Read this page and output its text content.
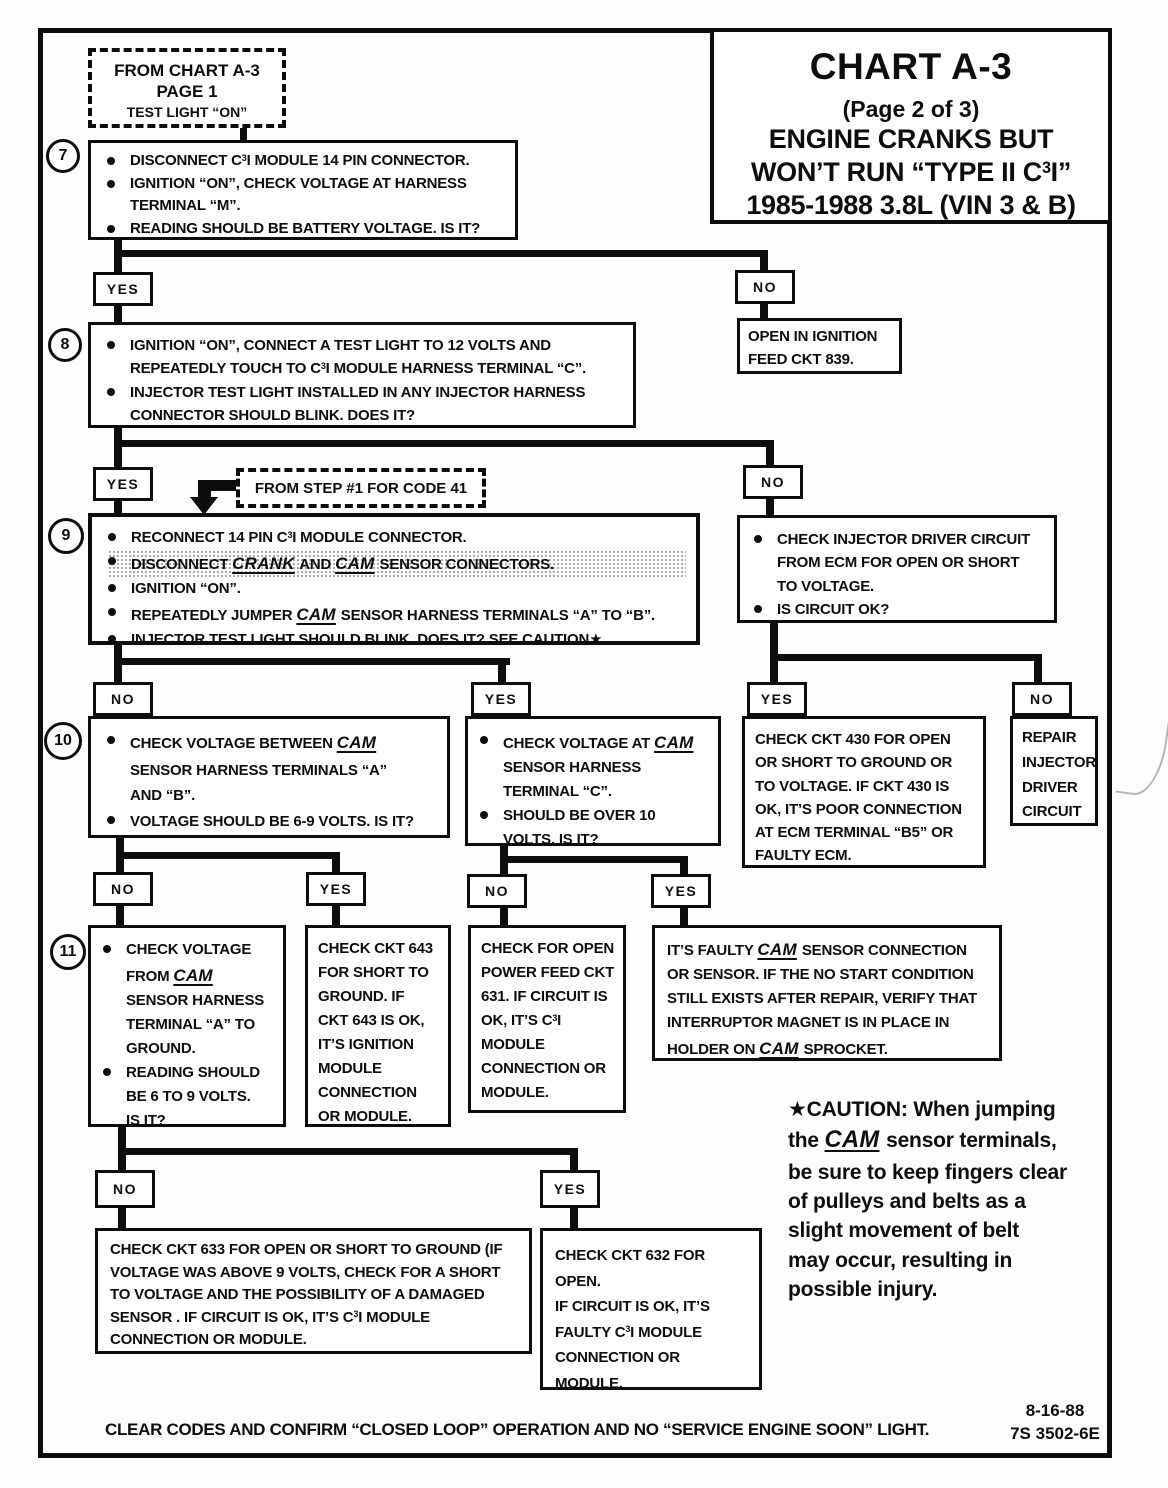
CHART A-3
(Page 2 of 3)
ENGINE CRANKS BUT
WON’T RUN “TYPE II $C^3I$”
1985-1988 3.8L (VIN 3 & B)
FROM CHART A-3
PAGE 1
TEST LIGHT “ON”
FROM STEP #1 FOR CODE 41
7
8
9
10
11
DISCONNECT $C^3I$ MODULE 14 PIN CONNECTOR.
IGNITION “ON”, CHECK VOLTAGE AT HARNESS
TERMINAL “M”.
READING SHOULD BE BATTERY VOLTAGE. IS IT?
YES	NO
IGNITION “ON”, CONNECT A TEST LIGHT TO 12 VOLTS AND
REPEATEDLY TOUCH TO $C^3I$ MODULE HARNESS TERMINAL “C”.
INJECTOR TEST LIGHT INSTALLED IN ANY INJECTOR HARNESS
CONNECTOR SHOULD BLINK. DOES IT?
OPEN IN IGNITION
FEED CKT 839.
YES	NO
RECONNECT 14 PIN $C^3I$ MODULE CONNECTOR.
DISCONNECT CRANK AND CAM SENSOR CONNECTORS.
IGNITION “ON”.
REPEATEDLY JUMPER CAM SENSOR HARNESS TERMINALS “A” TO “B”.
INJECTOR TEST LIGHT SHOULD BLINK. DOES IT? SEE CAUTION★
CHECK INJECTOR DRIVER CIRCUIT
FROM ECM FOR OPEN OR SHORT
TO VOLTAGE.
IS CIRCUIT OK?
NO	YES	YES	NO
CHECK VOLTAGE BETWEEN CAM
SENSOR HARNESS TERMINALS “A”
AND “B”.
VOLTAGE SHOULD BE 6-9 VOLTS. IS IT?
CHECK VOLTAGE AT CAM
SENSOR HARNESS
TERMINAL “C”.
SHOULD BE OVER 10
VOLTS. IS IT?
CHECK CKT 430 FOR OPEN
OR SHORT TO GROUND OR
TO VOLTAGE. IF CKT 430 IS
OK, IT’S POOR CONNECTION
AT ECM TERMINAL “B5” OR
FAULTY ECM.
REPAIR
INJECTOR
DRIVER
CIRCUIT
NO	YES	NO	YES
CHECK VOLTAGE
FROM CAM
SENSOR HARNESS
TERMINAL “A” TO
GROUND.
READING SHOULD
BE 6 TO 9 VOLTS.
IS IT?
CHECK CKT 643
FOR SHORT TO
GROUND. IF
CKT 643 IS OK,
IT’S IGNITION
MODULE
CONNECTION
OR MODULE.
CHECK FOR OPEN
POWER FEED CKT
631. IF CIRCUIT IS
OK, IT’S $C^3I$
MODULE
CONNECTION OR
MODULE.
IT’S FAULTY CAM SENSOR CONNECTION
OR SENSOR. IF THE NO START CONDITION
STILL EXISTS AFTER REPAIR, VERIFY THAT
INTERRUPTOR MAGNET IS IN PLACE IN
HOLDER ON CAM SPROCKET.
★CAUTION: When jumping
the CAM sensor terminals,
be sure to keep fingers clear
of pulleys and belts as a
slight movement of belt
may occur, resulting in
possible injury.
NO	YES
CHECK CKT 633 FOR OPEN OR SHORT TO GROUND (IF
VOLTAGE WAS ABOVE 9 VOLTS, CHECK FOR A SHORT
TO VOLTAGE AND THE POSSIBILITY OF A DAMAGED
SENSOR . IF CIRCUIT IS OK, IT’S $C^3I$ MODULE
CONNECTION OR MODULE.
CHECK CKT 632 FOR OPEN.
IF CIRCUIT IS OK, IT’S
FAULTY $C^3I$ MODULE
CONNECTION OR
MODULE.
CLEAR CODES AND CONFIRM “CLOSED LOOP” OPERATION AND NO “SERVICE ENGINE SOON” LIGHT.
8-16-88
7S 3502-6E
